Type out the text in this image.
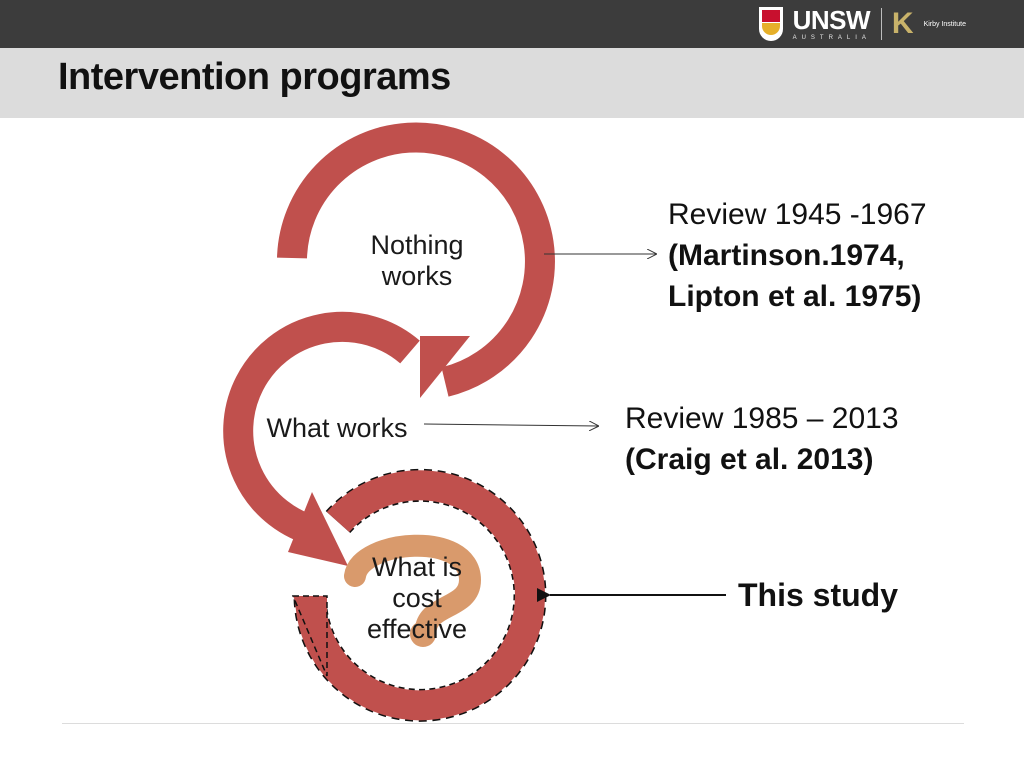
UNSW
AUSTRALIA K Kirby Institute
Intervention programs
Nothing
works
What works
What is
cost
effective
Review 1945 -1967
(Martinson.1974,
Lipton et al. 1975)
Review 1985 – 2013
(Craig et al. 2013)
This study
